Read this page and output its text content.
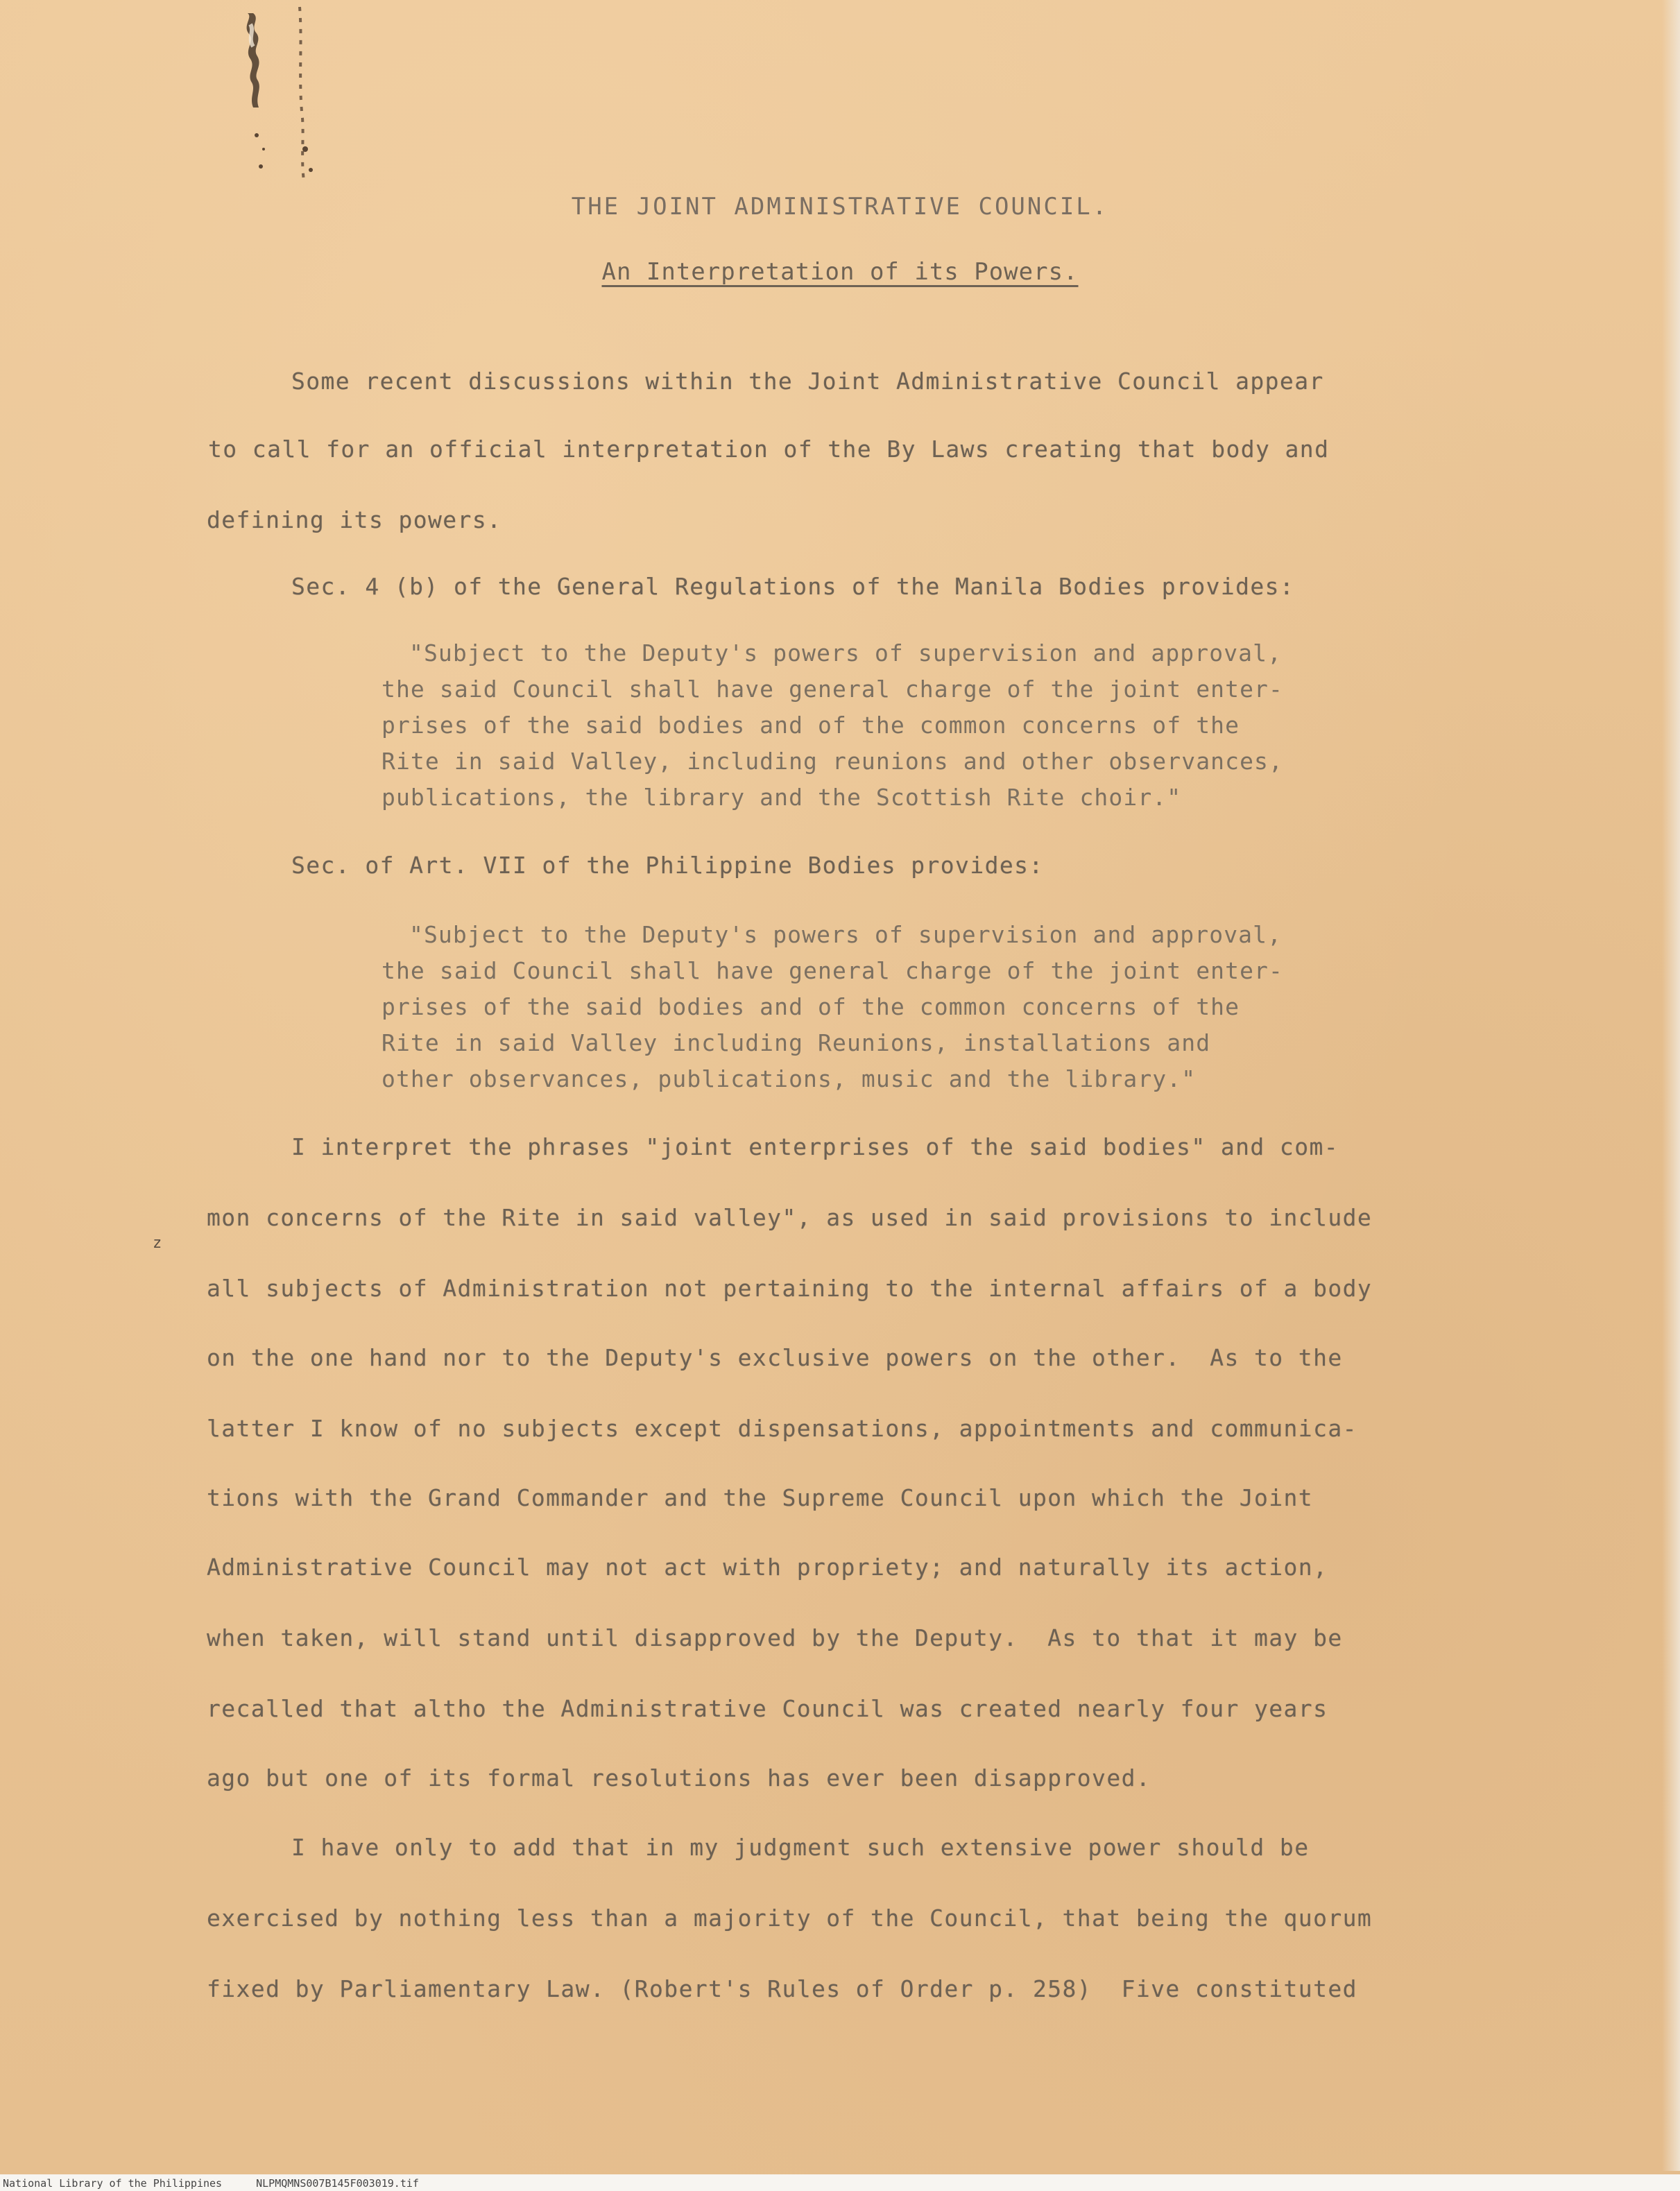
THE JOINT ADMINISTRATIVE COUNCIL.
An Interpretation of its Powers.
Some recent discussions within the Joint Administrative Council appear
to call for an official interpretation of the By Laws creating that body and
defining its powers.
Sec. 4 (b) of the General Regulations of the Manila Bodies provides:
"Subject to the Deputy's powers of supervision and approval,
the said Council shall have general charge of the joint enter-
prises of the said bodies and of the common concerns of the
Rite in said Valley, including reunions and other observances,
publications, the library and the Scottish Rite choir."
Sec. of Art. VII of the Philippine Bodies provides:
"Subject to the Deputy's powers of supervision and approval,
the said Council shall have general charge of the joint enter-
prises of the said bodies and of the common concerns of the
Rite in said Valley including Reunions, installations and
other observances, publications, music and the library."
I interpret the phrases "joint enterprises of the said bodies" and com-
z
mon concerns of the Rite in said valley", as used in said provisions to include
all subjects of Administration not pertaining to the internal affairs of a body
on the one hand nor to the Deputy's exclusive powers on the other.  As to the
latter I know of no subjects except dispensations, appointments and communica-
tions with the Grand Commander and the Supreme Council upon which the Joint
Administrative Council may not act with propriety; and naturally its action,
when taken, will stand until disapproved by the Deputy.  As to that it may be
recalled that altho the Administrative Council was created nearly four years
ago but one of its formal resolutions has ever been disapproved.
I have only to add that in my judgment such extensive power should be
exercised by nothing less than a majority of the Council, that being the quorum
fixed by Parliamentary Law. (Robert's Rules of Order p. 258)  Five constituted
National Library of the Philippines	NLPMQMNS007B145F003019.tif
